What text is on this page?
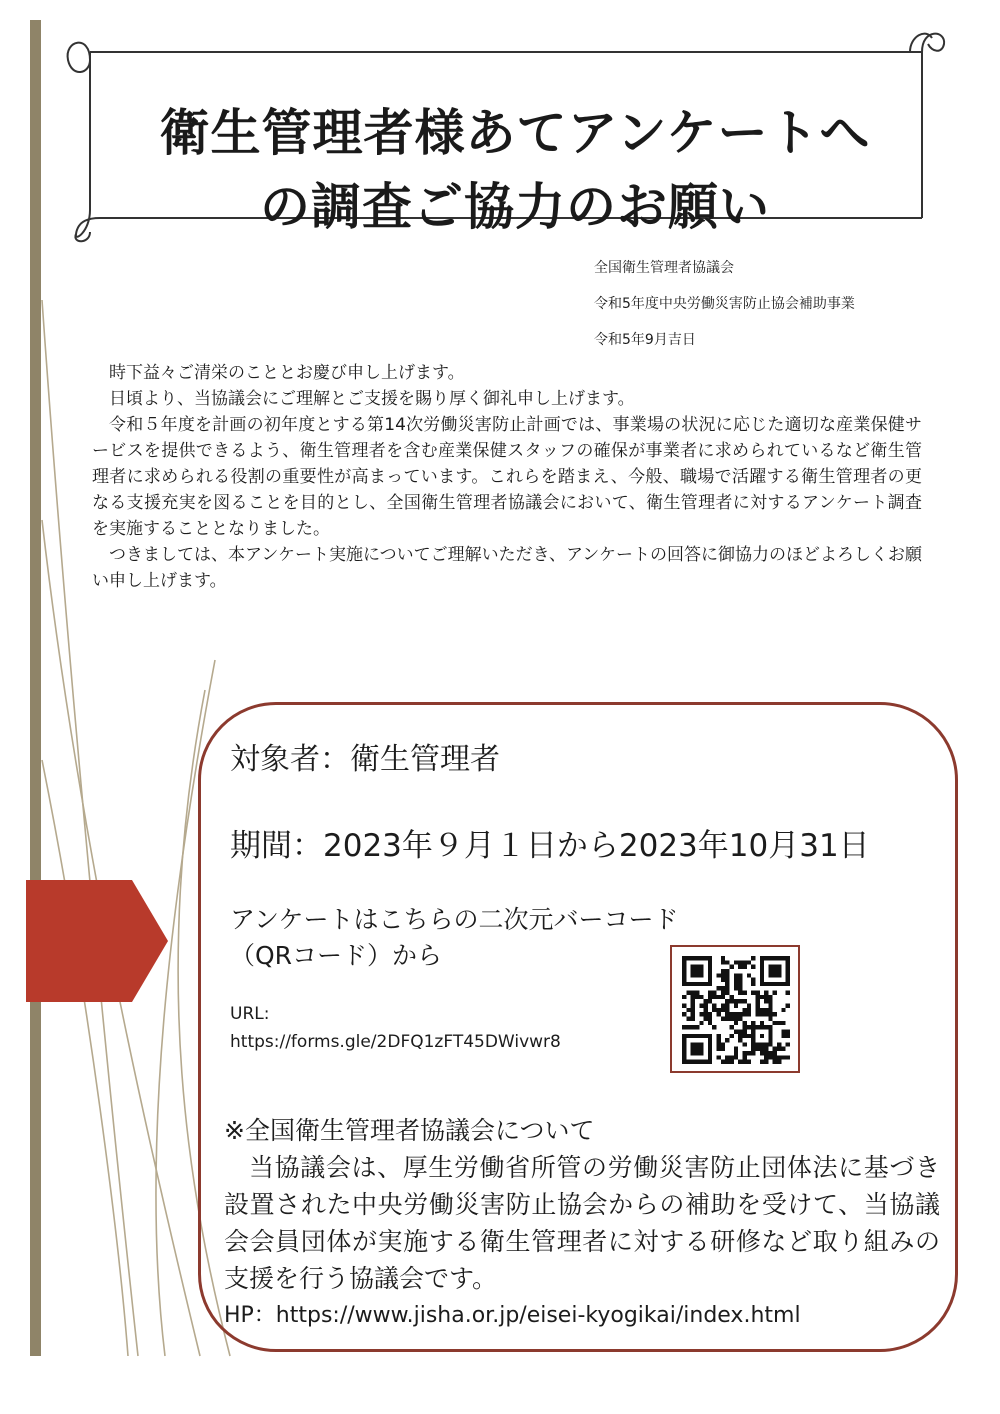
衛生管理者様あてアンケートへ
の調査ご協力のお願い
全国衛生管理者協議会
令和5年度中央労働災害防止協会補助事業
令和5年9月吉日

時下益々ご清栄のこととお慶び申し上げます。

日頃より、当協議会にご理解とご支援を賜り厚く御礼申し上げます。

令和５年度を計画の初年度とする第14次労働災害防止計画では、事業場の状況に応じた適切な産業保健サービスを提供できるよう、衛生管理者を含む産業保健スタッフの確保が事業者に求められているなど衛生管理者に求められる役割の重要性が高まっています。これらを踏まえ、今般、職場で活躍する衛生管理者の更なる支援充実を図ることを目的とし、全国衛生管理者協議会において、衛生管理者に対するアンケート調査を実施することとなりました。

つきましては、本アンケート実施についてご理解いただき、アンケートの回答に御協力のほどよろしくお願い申し上げます。

対象者：衛生管理者
期間：2023年９月１日から2023年10月31日
アンケートはこちらの二次元バーコード
（QRコード）から
URL:
https://forms.gle/2DFQ1zFT45DWivwr8
※全国衛生管理者協議会について
当協議会は、厚生労働省所管の労働災害防止団体法に基づき設置された中央労働災害防止協会からの補助を受けて、当協議会会員団体が実施する衛生管理者に対する研修など取り組みの支援を行う協議会です。
HP：https://www.jisha.or.jp/eisei-kyogikai/index.html
